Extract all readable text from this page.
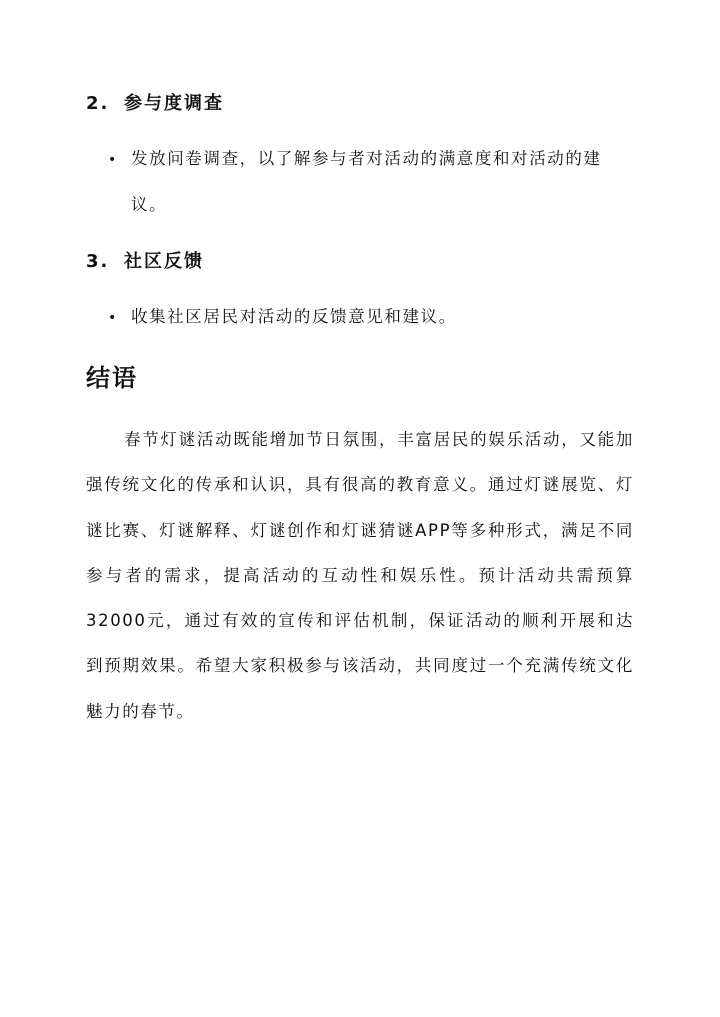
2. 参与度调查
• 发放问卷调查，以了解参与者对活动的满意度和对活动的建议。
3. 社区反馈
• 收集社区居民对活动的反馈意见和建议。
结语
春节灯谜活动既能增加节日氛围，丰富居民的娱乐活动，又能加强传统文化的传承和认识，具有很高的教育意义。通过灯谜展览、灯谜比赛、灯谜解释、灯谜创作和灯谜猜谜APP等多种形式，满足不同参与者的需求，提高活动的互动性和娱乐性。预计活动共需预算32000元，通过有效的宣传和评估机制，保证活动的顺利开展和达到预期效果。希望大家积极参与该活动，共同度过一个充满传统文化魅力的春节。
